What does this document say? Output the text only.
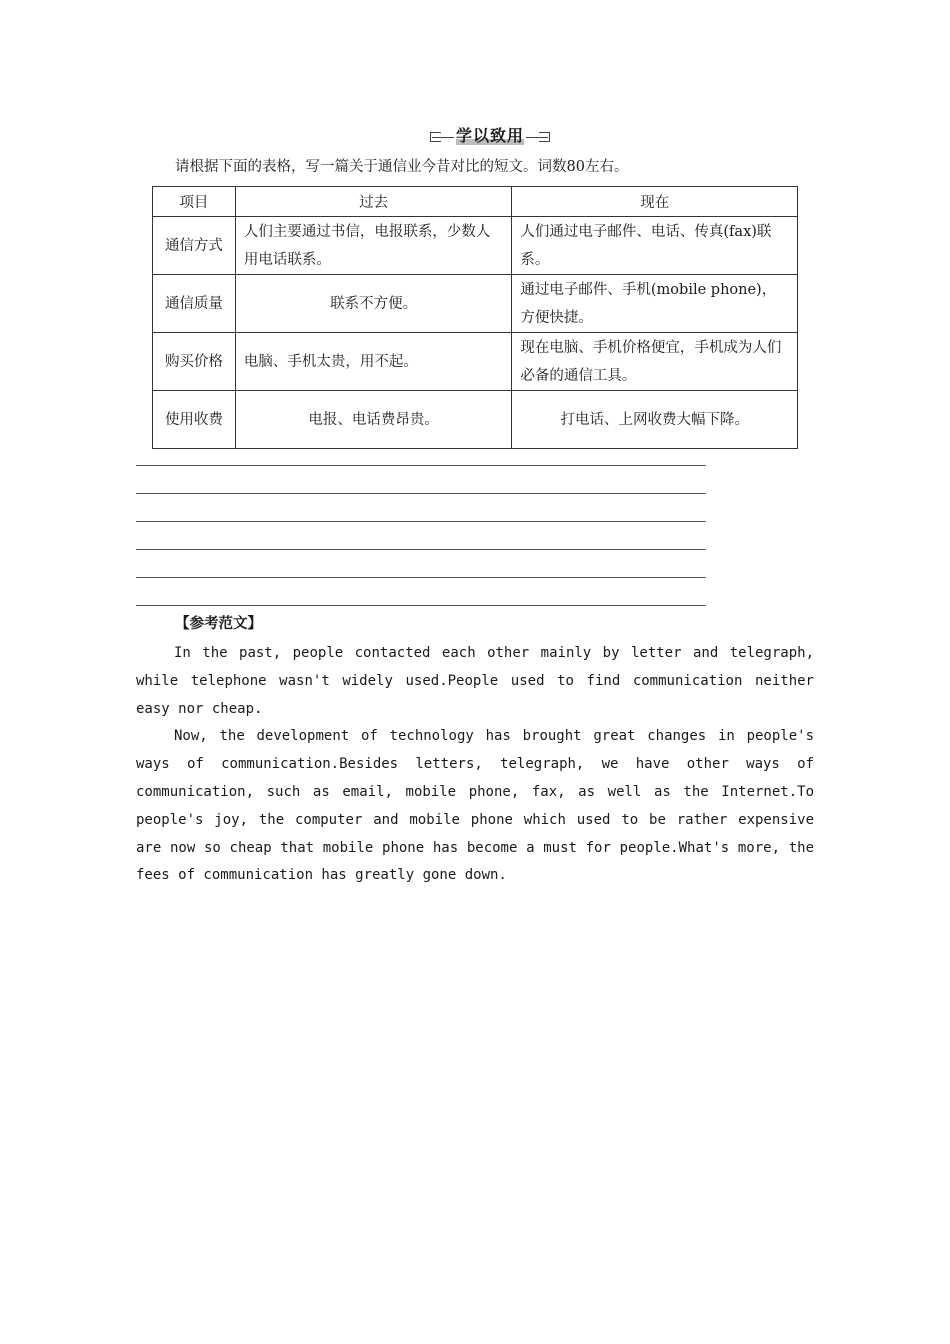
学以致用
请根据下面的表格，写一篇关于通信业今昔对比的短文。词数80左右。
项目	过去	现在
通信方式	人们主要通过书信，电报联系，少数人用电话联系。	人们通过电子邮件、电话、传真(fax)联系。
通信质量	联系不方便。	通过电子邮件、手机(mobile phone)，方便快捷。
购买价格	电脑、手机太贵，用不起。	现在电脑、手机价格便宜，手机成为人们必备的通信工具。
使用收费	电报、电话费昂贵。	打电话、上网收费大幅下降。
【参考范文】

In the past, people contacted each other mainly by letter and telegraph, while telephone wasn't widely used.People used to find communication neither easy nor cheap.

Now, the development of technology has brought great changes in people's ways of communication.Besides letters, telegraph, we have other ways of communication, such as email, mobile phone, fax, as well as the Internet.To people's joy, the computer and mobile phone which used to be rather expensive are now so cheap that mobile phone has become a must for people.What's more, the fees of communication has greatly gone down.
